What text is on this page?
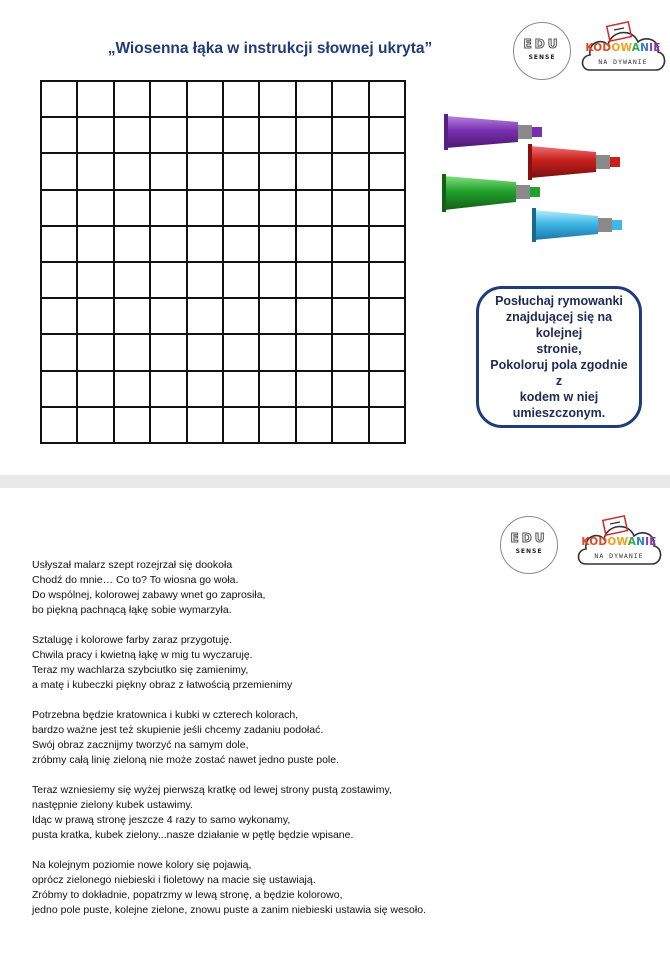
„Wiosenna łąka w instrukcji słownej ukryta”	EDU
SENSE
KODOWANIE
NA DYWANIE

Posłuchaj rymowanki
znajdującej się na kolejnej
stronie,
Pokoloruj pola zgodnie z
kodem w niej
umieszczonym.

EDU
SENSE
KODOWANIE
NA DYWANIE
Usłyszał malarz szept rozejrzał się dookoła
Chodź do mnie… Co to? To wiosna go woła.
Do wspólnej, kolorowej zabawy wnet go zaprosiła,
bo piękną pachnącą łąkę sobie wymarzyła.
Sztalugę i kolorowe farby zaraz przygotuję.
Chwila pracy i kwietną łąkę w mig tu wyczaruję.
Teraz my wachlarza szybciutko się zamienimy,
a matę i kubeczki piękny obraz z łatwością przemienimy
Potrzebna będzie kratownica i kubki w czterech kolorach,
bardzo ważne jest też skupienie jeśli chcemy zadaniu podołać.
Swój obraz zacznijmy tworzyć na samym dole,
zróbmy całą linię zieloną nie może zostać nawet jedno puste pole.
Teraz wzniesiemy się wyżej pierwszą kratkę od lewej strony pustą zostawimy,
następnie zielony kubek ustawimy.
Idąc w prawą stronę jeszcze 4 razy to samo wykonamy,
pusta kratka, kubek zielony...nasze działanie w pętlę będzie wpisane.
Na kolejnym poziomie nowe kolory się pojawią,
oprócz zielonego niebieski i fioletowy na macie się ustawiają.
Zróbmy to dokładnie, popatrzmy w lewą stronę, a będzie kolorowo,
jedno pole puste, kolejne zielone, znowu puste a zanim niebieski ustawia się wesoło.
